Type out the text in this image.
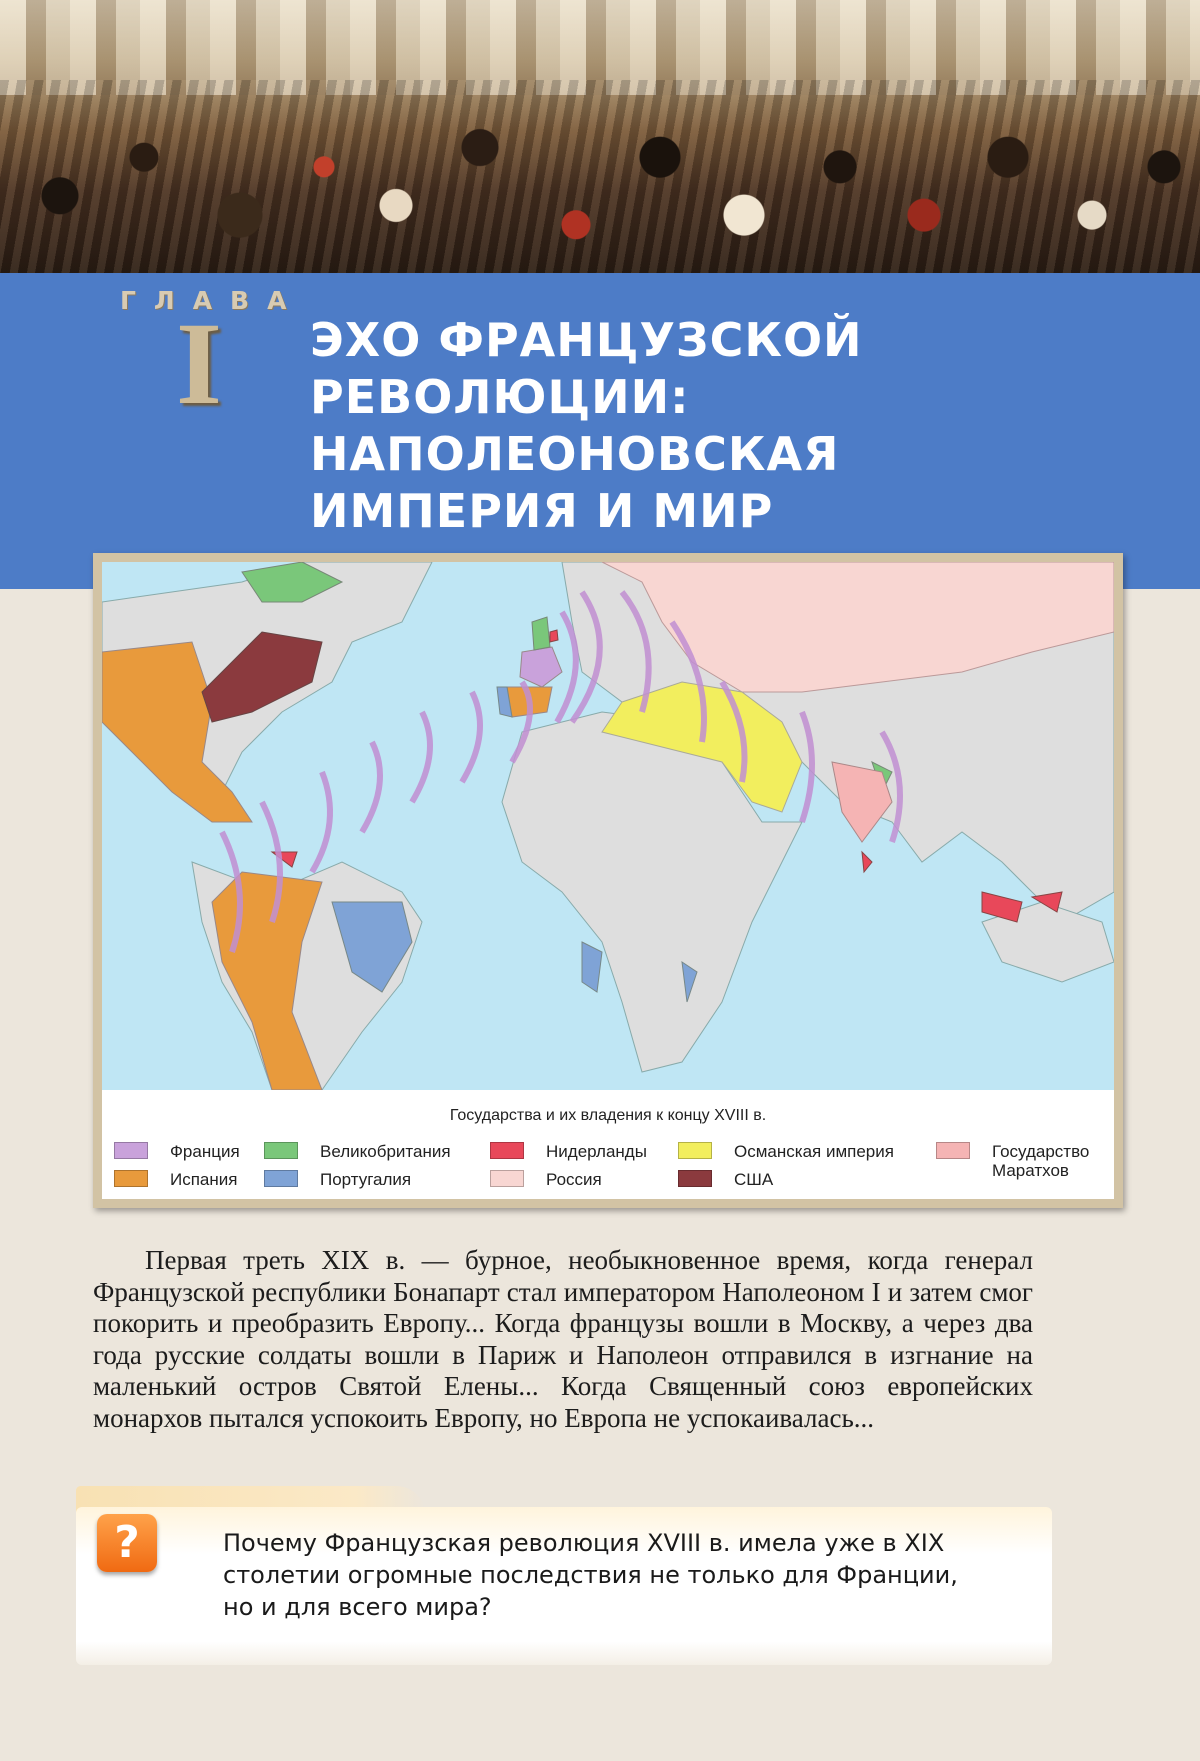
ГЛАВА
I ЭХО ФРАНЦУЗСКОЙ
РЕВОЛЮЦИИ:
НАПОЛЕОНОВСКАЯ
ИМПЕРИЯ И МИР
Государства и их владения к концу XVIII в.
Франция
Испания
Великобритания
Португалия
Нидерланды
Россия
Османская империя
США
Государство Маратхов

Первая треть XIX в. — бурное, необыкновенное время, когда генерал Французской республики Бонапарт стал императором Наполеоном I и затем смог покорить и преобразить Европу... Когда французы вошли в Москву, а через два года русские солдаты вошли в Париж и Наполеон отправился в изгнание на маленький остров Святой Елены... Когда Священный союз европейских монархов пытался успокоить Европу, но Европа не успокаивалась...

?	Почему Французская революция XVIII в. имела уже в XIX столетии огромные последствия не только для Франции, но и для всего мира?
